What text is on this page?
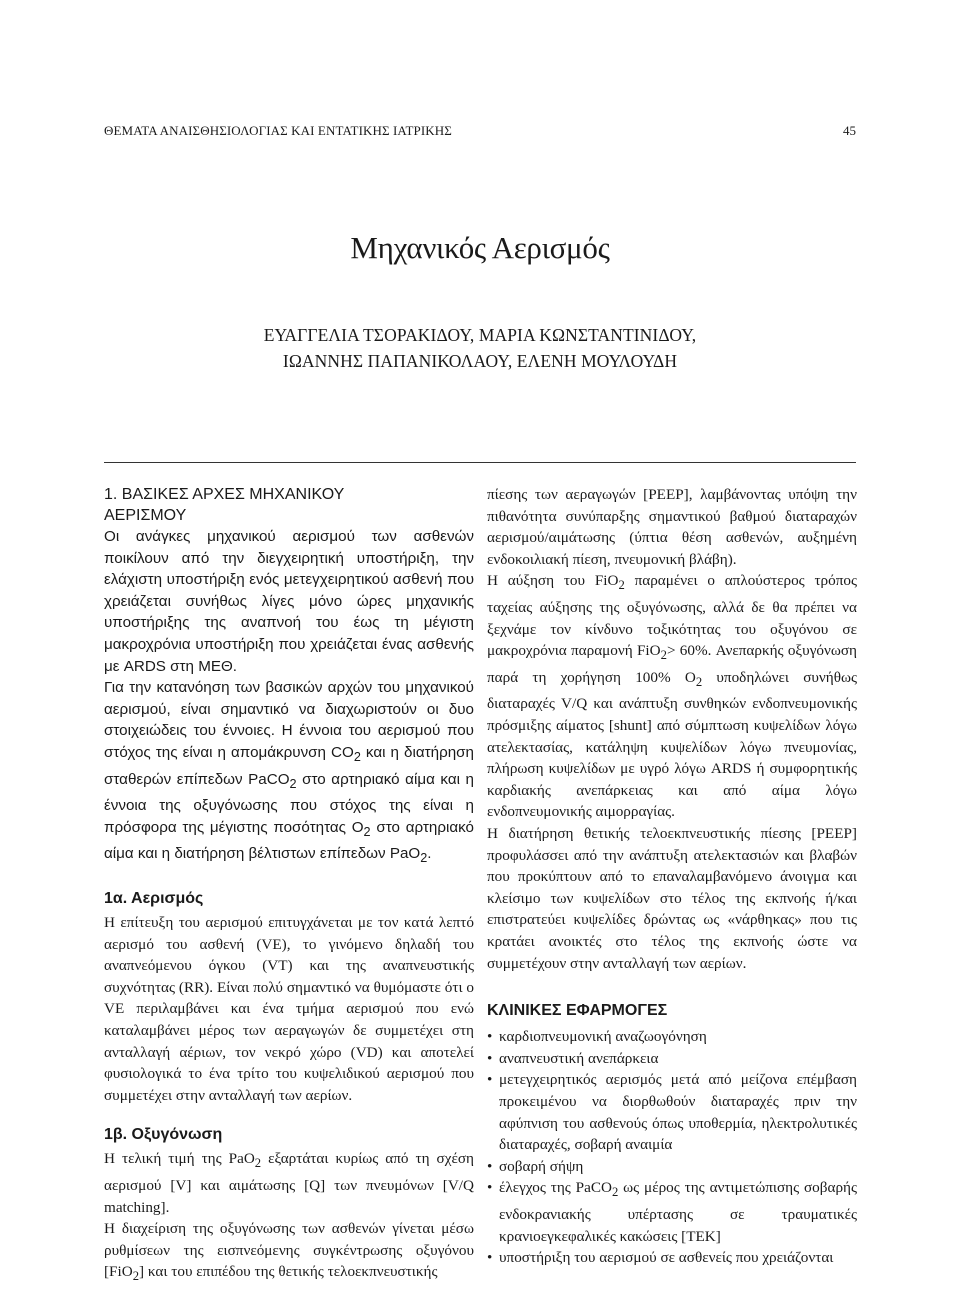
ΘΕΜΑΤΑ ΑΝΑΙΣΘΗΣΙΟΛΟΓΙΑΣ ΚΑΙ ΕΝΤΑΤΙΚΗΣ ΙΑΤΡΙΚΗΣ	45
Μηχανικός Αερισμός
ΕΥΑΓΓΕΛΙΑ ΤΣΟΡΑΚΙΔΟΥ, ΜΑΡΙΑ ΚΩΝΣΤΑΝΤΙΝΙΔΟΥ,
ΙΩΑΝΝΗΣ ΠΑΠΑΝΙΚΟΛΑΟΥ, ΕΛΕΝΗ ΜΟΥΛΟΥΔΗ
1. ΒΑΣΙΚΕΣ ΑΡΧΕΣ ΜΗΧΑΝΙΚΟΥ
ΑΕΡΙΣΜΟΥ

Οι ανάγκες μηχανικού αερισμού των ασθενών ποικίλουν από την διεγχειρητική υποστήριξη, την ελάχιστη υποστήριξη ενός μετεγχειρητικού ασθενή που χρειάζεται συνήθως λίγες μόνο ώρες μηχανικής υποστήριξης της αναπνοή του έως τη μέγιστη μακροχρόνια υποστήριξη που χρειάζεται ένας ασθενής με ARDS στη ΜΕΘ.

Για την κατανόηση των βασικών αρχών του μηχανικού αερισμού, είναι σημαντικό να διαχωριστούν οι δυο στοιχειώδεις του έννοιες. Η έννοια του αερισμού που στόχος της είναι η απομάκρυνση $CO_2$ και η διατήρηση σταθερών επίπεδων PaCO$_2$ στο αρτηριακό αίμα και η έννοια της οξυγόνωσης που στόχος της είναι η πρόσφορα της μέγιστης ποσότητας $O_2$ στο αρτηριακό αίμα και η διατήρηση βέλτιστων επίπεδων PaO$_2$.

1α. Αερισμός

Η επίτευξη του αερισμού επιτυγχάνεται με τον κατά λεπτό αερισμό του ασθενή (VE), το γινόμενο δηλαδή του αναπνεόμενου όγκου (VT) και της αναπνευστικής συχνότητας (RR). Είναι πολύ σημαντικό να θυμόμαστε ότι ο VE περιλαμβάνει και ένα τμήμα αερισμού που ενώ καταλαμβάνει μέρος των αεραγωγών δε συμμετέχει στη ανταλλαγή αέριων, τον νεκρό χώρο (VD) και αποτελεί φυσιολογικά το ένα τρίτο του κυψελιδικού αερισμού που συμμετέχει στην ανταλλαγή των αερίων.

1β. Οξυγόνωση

Η τελική τιμή της PaO$_2$ εξαρτάται κυρίως από τη σχέση αερισμού [V] και αιμάτωσης [Q] των πνευμόνων [V/Q matching].

Η διαχείριση της οξυγόνωσης των ασθενών γίνεται μέσω ρυθμίσεων της εισπνεόμενης συγκέντρωσης οξυγόνου [FiO$_2$] και του επιπέδου της θετικής τελοεκπνευστικής

πίεσης των αεραγωγών [PEEP], λαμβάνοντας υπόψη την πιθανότητα συνύπαρξης σημαντικού βαθμού διαταραχών αερισμού/αιμάτωσης (ύπτια θέση ασθενών, αυξημένη ενδοκοιλιακή πίεση, πνευμονική βλάβη).

Η αύξηση του FiO$_2$ παραμένει ο απλούστερος τρόπος ταχείας αύξησης της οξυγόνωσης, αλλά δε θα πρέπει να ξεχνάμε τον κίνδυνο τοξικότητας του οξυγόνου σε μακροχρόνια παραμονή FiO$_2$> 60%. Ανεπαρκής οξυγόνωση παρά τη χορήγηση 100% $O_2$ υποδηλώνει συνήθως διαταραχές V/Q και ανάπτυξη συνθηκών ενδοπνευμονικής πρόσμιξης αίματος [shunt] από σύμπτωση κυψελίδων λόγω ατελεκτασίας, κατάληψη κυψελίδων λόγω πνευμονίας, πλήρωση κυψελίδων με υγρό λόγω ARDS ή συμφορητικής καρδιακής ανεπάρκειας και από αίμα λόγω ενδοπνευμονικής αιμορραγίας.

Η διατήρηση θετικής τελοεκπνευστικής πίεσης [PEEP] προφυλάσσει από την ανάπτυξη ατελεκτασιών και βλαβών που προκύπτουν από το επαναλαμβανόμενο άνοιγμα και κλείσιμο των κυψελίδων στο τέλος της εκπνοής ή/και επιστρατεύει κυψελίδες δρώντας ως «νάρθηκας» που τις κρατάει ανοικτές στο τέλος της εκπνοής ώστε να συμμετέχουν στην ανταλλαγή των αερίων.

ΚΛΙΝΙΚΕΣ ΕΦΑΡΜΟΓΕΣ
• καρδιοπνευμονική αναζωογόνηση
• αναπνευστική ανεπάρκεια
• μετεγχειρητικός αερισμός μετά από μείζονα επέμβαση προκειμένου να διορθωθούν διαταραχές πριν την αφύπνιση του ασθενούς όπως υποθερμία, ηλεκτρολυτικές διαταραχές, σοβαρή αναιμία
• σοβαρή σήψη
• έλεγχος της PaCO$_2$ ως μέρος της αντιμετώπισης σοβαρής ενδοκρανιακής υπέρτασης σε τραυματικές κρανιοεγκεφαλικές κακώσεις [ΤΕΚ]
• υποστήριξη του αερισμού σε ασθενείς που χρειάζονται
